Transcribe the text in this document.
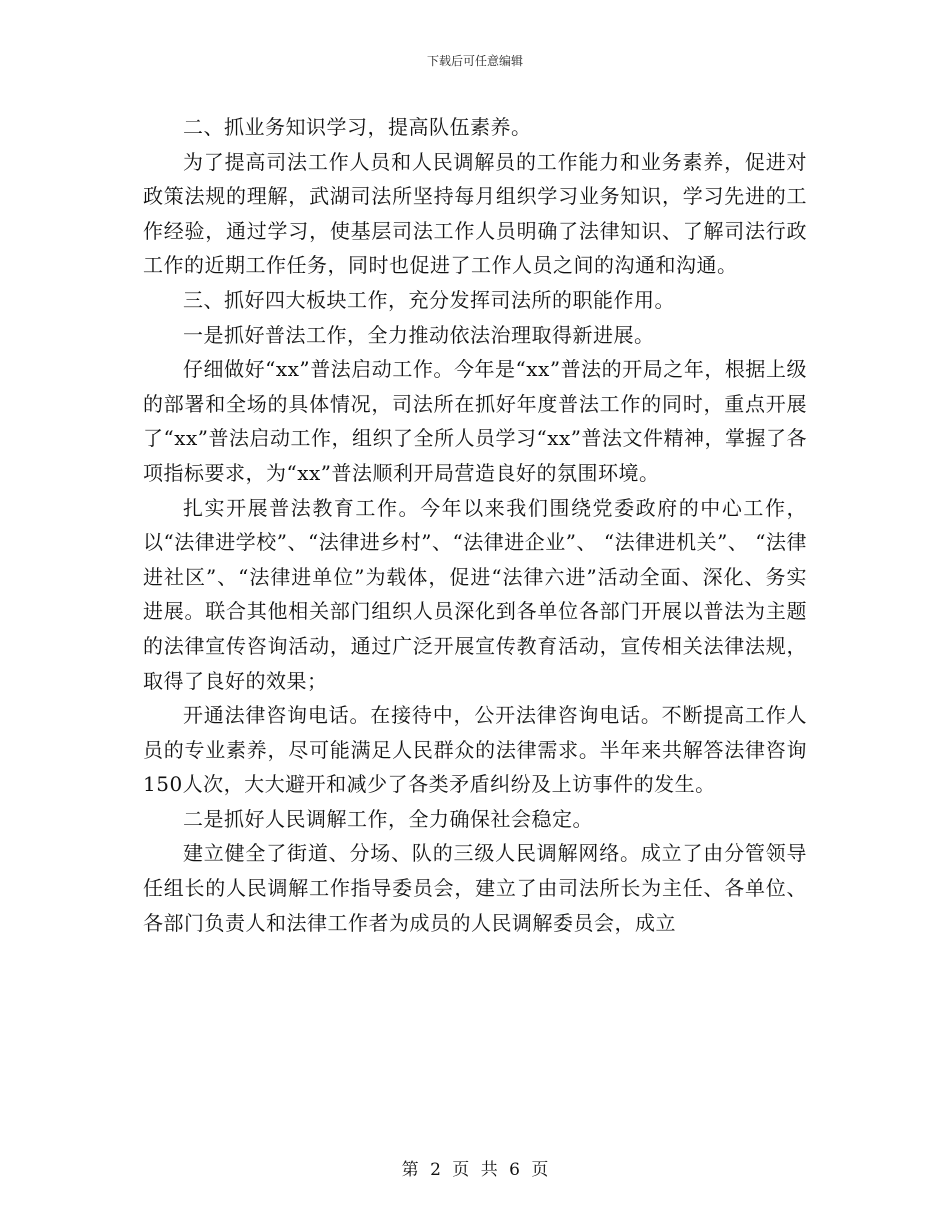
下载后可任意编辑

二、抓业务知识学习，提高队伍素养。

为了提高司法工作人员和人民调解员的工作能力和业务素养，促进对政策法规的理解，武湖司法所坚持每月组织学习业务知识，学习先进的工作经验，通过学习，使基层司法工作人员明确了法律知识、了解司法行政工作的近期工作任务，同时也促进了工作人员之间的沟通和沟通。

三、抓好四大板块工作，充分发挥司法所的职能作用。

一是抓好普法工作，全力推动依法治理取得新进展。

仔细做好“xx”普法启动工作。今年是“xx”普法的开局之年，根据上级的部署和全场的具体情况，司法所在抓好年度普法工作的同时，重点开展了“xx”普法启动工作，组织了全所人员学习“xx”普法文件精神，掌握了各项指标要求，为“xx”普法顺利开局营造良好的氛围环境。

扎实开展普法教育工作。今年以来我们围绕党委政府的中心工作，以“法律进学校”、“法律进乡村”、“法律进企业”、 “法律进机关”、 “法律进社区”、“法律进单位”为载体，促进“法律六进”活动全面、深化、务实进展。联合其他相关部门组织人员深化到各单位各部门开展以普法为主题的法律宣传咨询活动，通过广泛开展宣传教育活动，宣传相关法律法规，取得了良好的效果；

开通法律咨询电话。在接待中，公开法律咨询电话。不断提高工作人员的专业素养，尽可能满足人民群众的法律需求。半年来共解答法律咨询150人次，大大避开和减少了各类矛盾纠纷及上访事件的发生。

二是抓好人民调解工作，全力确保社会稳定。

建立健全了街道、分场、队的三级人民调解网络。成立了由分管领导任组长的人民调解工作指导委员会，建立了由司法所长为主任、各单位、各部门负责人和法律工作者为成员的人民调解委员会，成立

第 2 页 共 6 页
